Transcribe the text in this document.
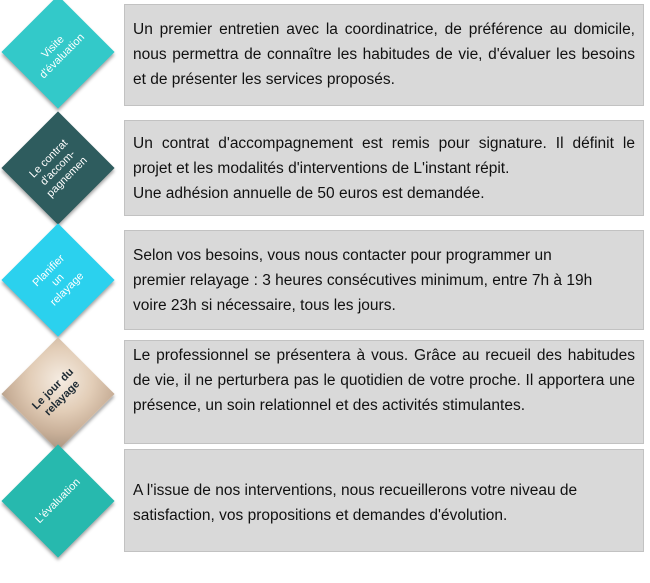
Visite
d'évaluation

Un premier entretien avec la coordinatrice, de préférence au domicile, nous permettra de connaître les habitudes de vie, d'évaluer les besoins et de présenter les services proposés.

Le contrat
d'accom-
pagnemen

Un contrat d'accompagnement est remis pour signature. Il définit le projet et les modalités d'interventions de L'instant répit.

Une adhésion annuelle de 50 euros est demandée.

Planifier
un
relayage

Selon vos besoins, vous nous contacter pour programmer un premier relayage : 3 heures consécutives minimum, entre 7h à 19h voire 23h si nécessaire, tous les jours.

Le jour du
relayage

Le professionnel se présentera à vous. Grâce au recueil des habitudes de vie, il ne perturbera pas le quotidien de votre proche. Il apportera une présence, un soin relationnel et des activités stimulantes.

L'évaluation	A l'issue de nos interventions, nous recueillerons votre niveau de satisfaction, vos propositions et demandes d'évolution.
